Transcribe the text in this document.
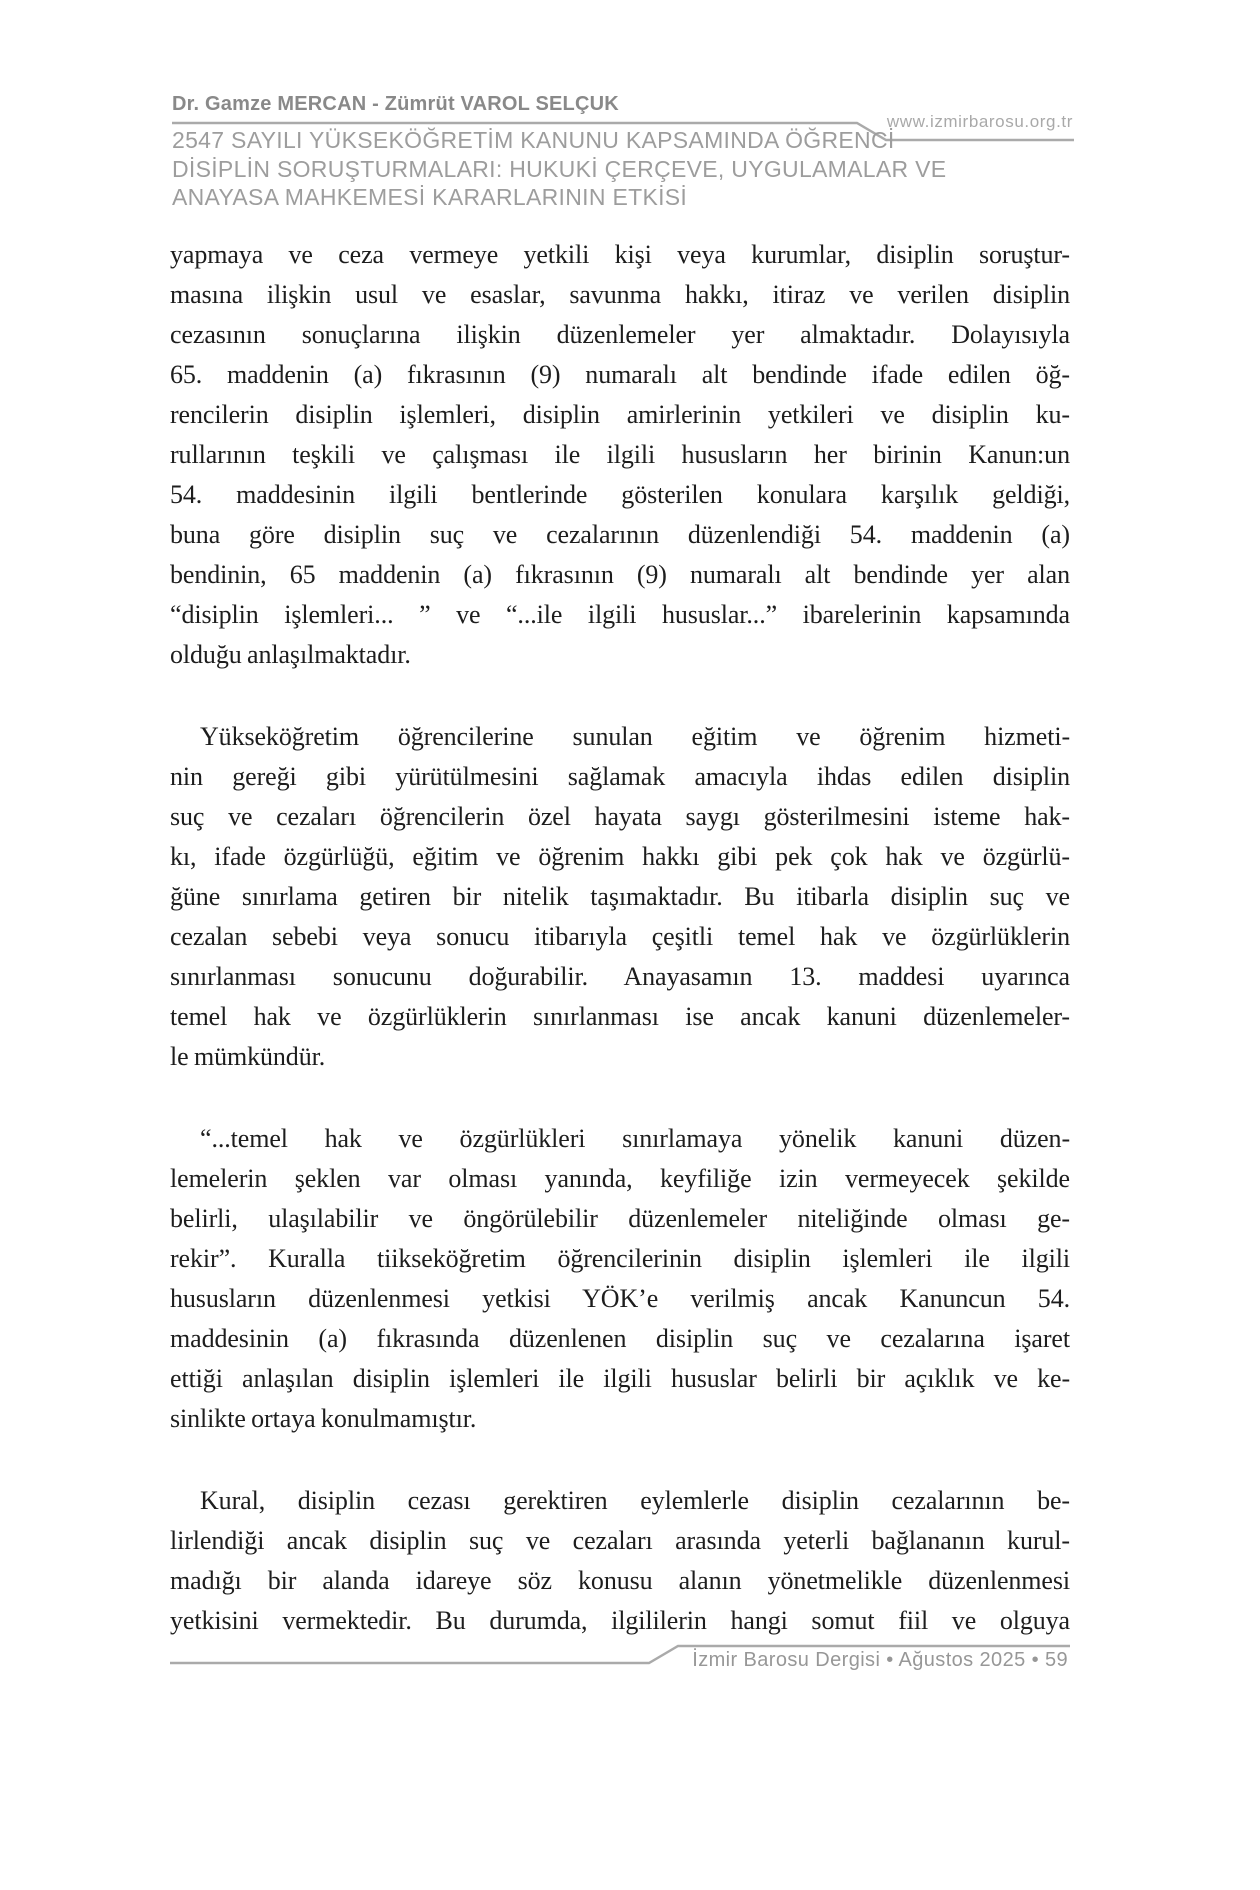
Dr. Gamze MERCAN - Zümrüt VAROL SELÇUK
www.izmirbarosu.org.tr
2547 SAYILI YÜKSEKÖĞRETİM KANUNU KAPSAMINDA ÖĞRENCİ
DİSİPLİN SORUŞTURMALARI: HUKUKİ ÇERÇEVE, UYGULAMALAR VE
ANAYASA MAHKEMESİ KARARLARININ ETKİSİ
yapmaya ve ceza vermeye yetkili kişi veya kurumlar, disiplin soruştur-
masına ilişkin usul ve esaslar, savunma hakkı, itiraz ve verilen disiplin
cezasının sonuçlarına ilişkin düzenlemeler yer almaktadır. Dolayısıyla
65. maddenin (a) fıkrasının (9) numaralı alt bendinde ifade edilen öğ-
rencilerin disiplin işlemleri, disiplin amirlerinin yetkileri ve disiplin ku-
rullarının teşkili ve çalışması ile ilgili hususların her birinin Kanun:un
54. maddesinin ilgili bentlerinde gösterilen konulara karşılık geldiği,
buna göre disiplin suç ve cezalarının düzenlendiği 54. maddenin (a)
bendinin, 65 maddenin (a) fıkrasının (9) numaralı alt bendinde yer alan
“disiplin işlemleri... ” ve “...ile ilgili hususlar...” ibarelerinin kapsamında
olduğu anlaşılmaktadır.
Yükseköğretim öğrencilerine sunulan eğitim ve öğrenim hizmeti-
nin gereği gibi yürütülmesini sağlamak amacıyla ihdas edilen disiplin
suç ve cezaları öğrencilerin özel hayata saygı gösterilmesini isteme hak-
kı, ifade özgürlüğü, eğitim ve öğrenim hakkı gibi pek çok hak ve özgürlü-
ğüne sınırlama getiren bir nitelik taşımaktadır. Bu itibarla disiplin suç ve
cezalan sebebi veya sonucu itibarıyla çeşitli temel hak ve özgürlüklerin
sınırlanması sonucunu doğurabilir. Anayasamın 13. maddesi uyarınca
temel hak ve özgürlüklerin sınırlanması ise ancak kanuni düzenlemeler-
le mümkündür.
“...temel hak ve özgürlükleri sınırlamaya yönelik kanuni düzen-
lemelerin şeklen var olması yanında, keyfiliğe izin vermeyecek şekilde
belirli, ulaşılabilir ve öngörülebilir düzenlemeler niteliğinde olması ge-
rekir”. Kuralla tiikseköğretim öğrencilerinin disiplin işlemleri ile ilgili
hususların düzenlenmesi yetkisi YÖK’e verilmiş ancak Kanuncun 54.
maddesinin (a) fıkrasında düzenlenen disiplin suç ve cezalarına işaret
ettiği anlaşılan disiplin işlemleri ile ilgili hususlar belirli bir açıklık ve ke-
sinlikte ortaya konulmamıştır.
Kural, disiplin cezası gerektiren eylemlerle disiplin cezalarının be-
lirlendiği ancak disiplin suç ve cezaları arasında yeterli bağlananın kurul-
madığı bir alanda idareye söz konusu alanın yönetmelikle düzenlenmesi
yetkisini vermektedir. Bu durumda, ilgililerin hangi somut fiil ve olguya
İzmir Barosu Dergisi • Ağustos 2025 • 59
